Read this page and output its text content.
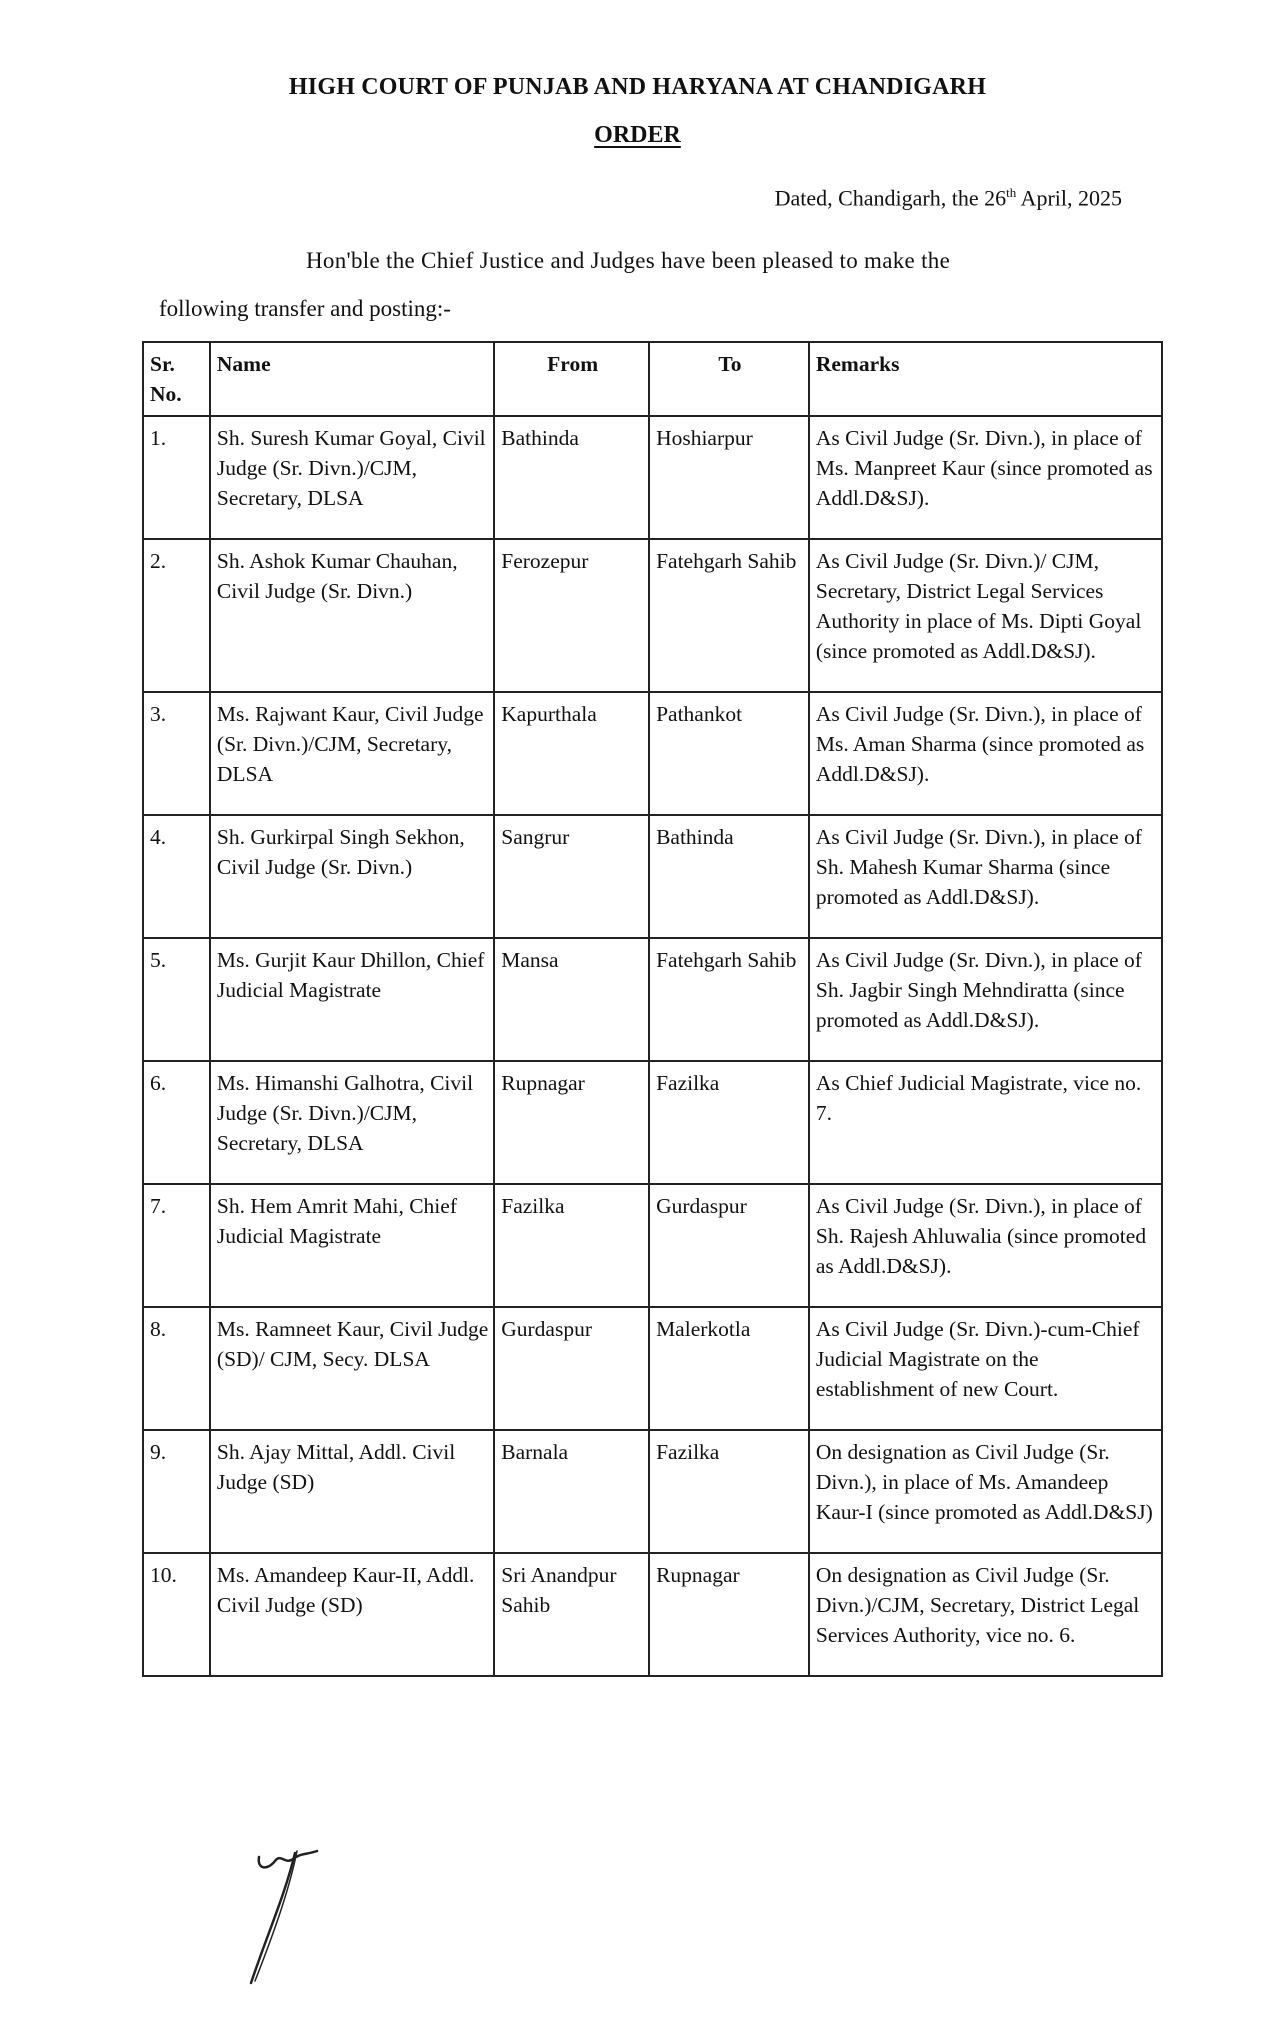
HIGH COURT OF PUNJAB AND HARYANA AT CHANDIGARH
ORDER
Dated, Chandigarh, the 26th April, 2025
Hon'ble the Chief Justice and Judges have been pleased to make the
following transfer and posting:-
Sr. No.	Name	From	To	Remarks
1.	Sh. Suresh Kumar Goyal, Civil Judge (Sr. Divn.)/CJM, Secretary, DLSA	Bathinda	Hoshiarpur	As Civil Judge (Sr. Divn.), in place of Ms. Manpreet Kaur (since promoted as Addl.D&SJ).
2.	Sh. Ashok Kumar Chauhan, Civil Judge (Sr. Divn.)	Ferozepur	Fatehgarh Sahib	As Civil Judge (Sr. Divn.)/ CJM, Secretary, District Legal Services Authority in place of Ms. Dipti Goyal (since promoted as Addl.D&SJ).
3.	Ms. Rajwant Kaur, Civil Judge (Sr. Divn.)/CJM, Secretary, DLSA	Kapurthala	Pathankot	As Civil Judge (Sr. Divn.), in place of Ms. Aman Sharma (since promoted as Addl.D&SJ).
4.	Sh. Gurkirpal Singh Sekhon, Civil Judge (Sr. Divn.)	Sangrur	Bathinda	As Civil Judge (Sr. Divn.), in place of Sh. Mahesh Kumar Sharma (since promoted as Addl.D&SJ).
5.	Ms. Gurjit Kaur Dhillon, Chief Judicial Magistrate	Mansa	Fatehgarh Sahib	As Civil Judge (Sr. Divn.), in place of Sh. Jagbir Singh Mehndiratta (since promoted as Addl.D&SJ).
6.	Ms. Himanshi Galhotra, Civil Judge (Sr. Divn.)/CJM, Secretary, DLSA	Rupnagar	Fazilka	As Chief Judicial Magistrate, vice no. 7.
7.	Sh. Hem Amrit Mahi, Chief Judicial Magistrate	Fazilka	Gurdaspur	As Civil Judge (Sr. Divn.), in place of Sh. Rajesh Ahluwalia (since promoted as Addl.D&SJ).
8.	Ms. Ramneet Kaur, Civil Judge (SD)/ CJM, Secy. DLSA	Gurdaspur	Malerkotla	As Civil Judge (Sr. Divn.)-cum-Chief Judicial Magistrate on the establishment of new Court.
9.	Sh. Ajay Mittal, Addl. Civil Judge (SD)	Barnala	Fazilka	On designation as Civil Judge (Sr. Divn.), in place of Ms. Amandeep Kaur-I (since promoted as Addl.D&SJ)
10.	Ms. Amandeep Kaur-II, Addl. Civil Judge (SD)	Sri Anandpur Sahib	Rupnagar	On designation as Civil Judge (Sr. Divn.)/CJM, Secretary, District Legal Services Authority, vice no. 6.
